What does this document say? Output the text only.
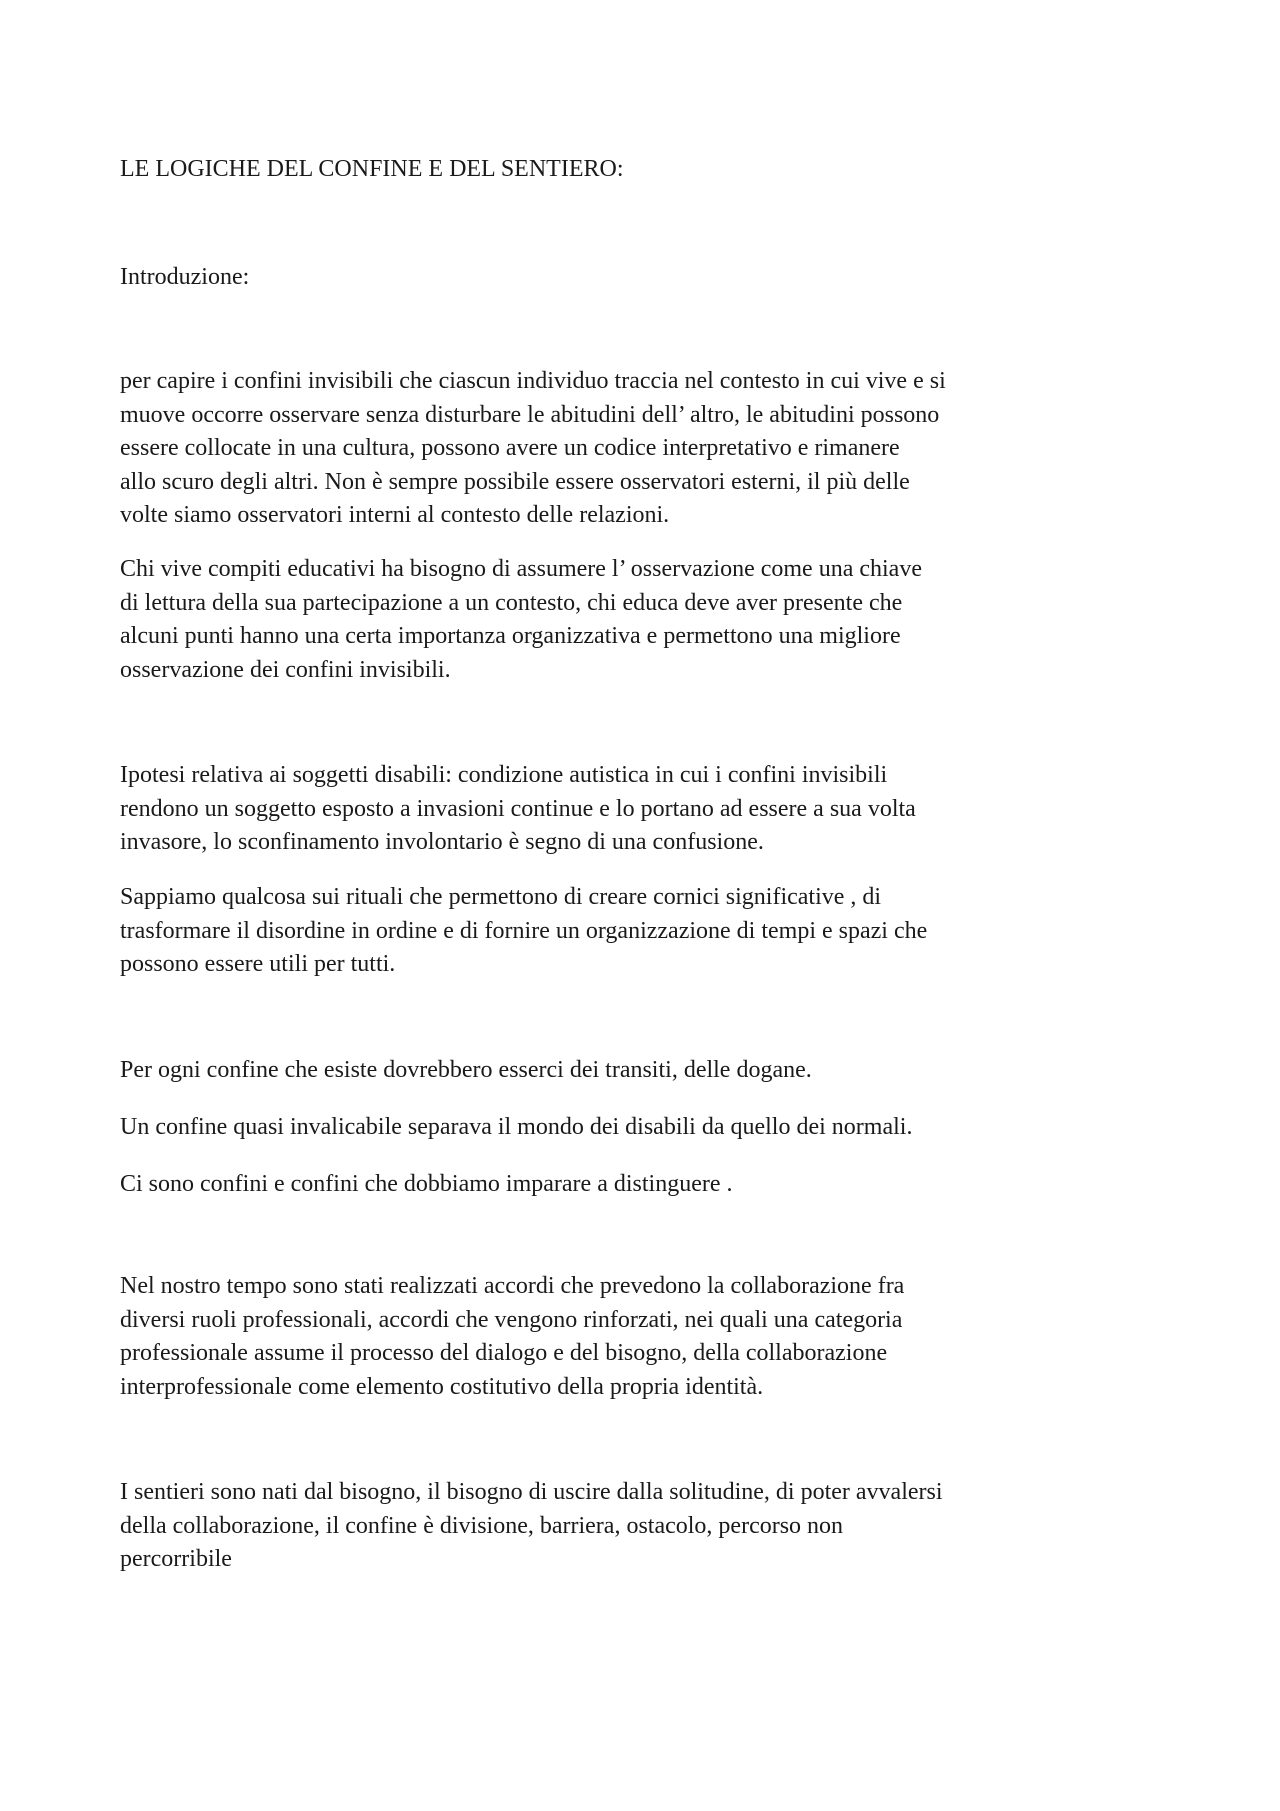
LE LOGICHE DEL CONFINE E DEL SENTIERO:
Introduzione:

per capire i confini invisibili che ciascun individuo traccia nel contesto in cui vive e si
muove occorre osservare senza disturbare le abitudini dell’ altro, le abitudini possono
essere collocate in una cultura, possono avere un codice interpretativo e rimanere
allo scuro degli altri. Non è sempre possibile essere osservatori esterni, il più delle
volte siamo osservatori interni al contesto delle relazioni.

Chi vive compiti educativi ha bisogno di assumere l’ osservazione come una chiave
di lettura della sua partecipazione a un contesto, chi educa deve aver presente che
alcuni punti hanno una certa importanza organizzativa e permettono una migliore
osservazione dei confini invisibili.

Ipotesi relativa ai soggetti disabili: condizione autistica in cui i confini invisibili
rendono un soggetto esposto a invasioni continue e lo portano ad essere a sua volta
invasore, lo sconfinamento involontario è segno di una confusione.

Sappiamo qualcosa sui rituali che permettono di creare cornici significative , di
trasformare il disordine in ordine e di fornire un organizzazione di tempi e spazi che
possono essere utili per tutti.

Per ogni confine che esiste dovrebbero esserci dei transiti, delle dogane.

Un confine quasi invalicabile separava il mondo dei disabili da quello dei normali.

Ci sono confini e confini che dobbiamo imparare a distinguere .

Nel nostro tempo sono stati realizzati accordi che prevedono la collaborazione fra
diversi ruoli professionali, accordi che vengono rinforzati, nei quali una categoria
professionale assume il processo del dialogo e del bisogno, della collaborazione
interprofessionale come elemento costitutivo della propria identità.

I sentieri sono nati dal bisogno, il bisogno di uscire dalla solitudine, di poter avvalersi
della collaborazione, il confine è divisione, barriera, ostacolo, percorso non
percorribile
